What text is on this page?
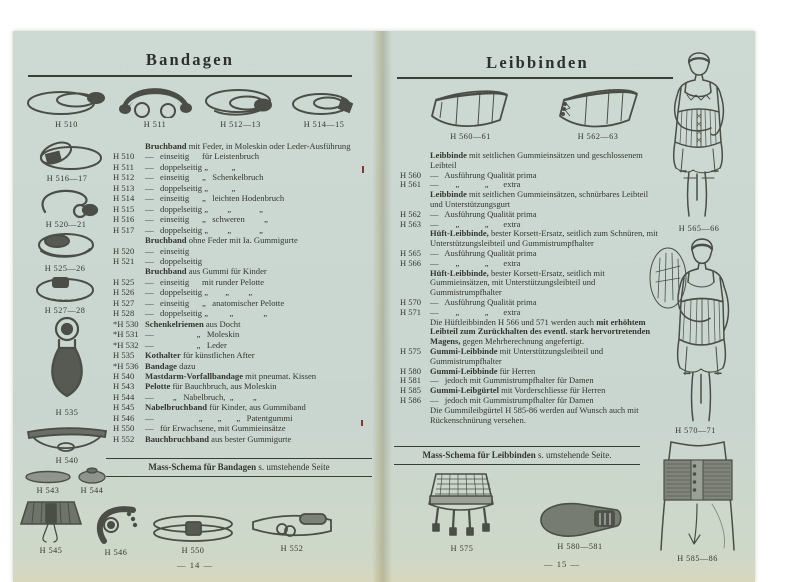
Bandagen
H 510	H 511	H 512—13	H 514—15
H 516—17
H 520—21
H 525—26
H 527—28
H 535
H 540
H 543	H 544
H 545	H 546	H 550	H 552
Bruchband mit Feder, in Moleskin oder Leder-Ausführung
H 510	—   einseitig      für Leistenbruch
H 511	—   doppelseitig „           „
H 512	—   einseitig      „   Schenkelbruch
H 513	—   doppelseitig „           „
H 514	—   einseitig      „   leichten Hodenbruch
H 515	—   doppelseitig „         „             „
H 516	—   einseitig      „   schweren         „
H 517	—   doppelseitig „         „             „
Bruchband ohne Feder mit Ia. Gummigurte
H 520	—   einseitig
H 521	—   doppelseitig
Bruchband aus Gummi für Kinder
H 525	—   einseitig      mit runder Pelotte
H 526	—   doppelseitig „        „         „
H 527	—   einseitig      „   anatomischer Pelotte
H 528	—   doppelseitig „          „              „
*H 530 Schenkelriemen aus Docht
*H 531 —                    „   Moleskin
*H 532 —                    „   Leder
H 535	Kothalter für künstlichen After
*H 536 Bandage dazu
H 540	Mastdarm-Vorfallbandage mit pneumat. Kissen
H 543	Pelotte für Bauchbruch, aus Moleskin
H 544	—         „   Nabelbruch,  „         „
H 545	Nabelbruchband für Kinder, aus Gummiband
H 546	—                     „       „       „   Patentgummi
H 550	—   für Erwachsene, mit Gummieinsätze
H 552	Bauchbruchband aus bester Gummigurte
Mass-Schema für Bandagen s. umstehende Seite
— 14 —
Leibbinden
H 560—61	H 562—63
Leibbinde mit seitlichen Gummieinsätzen und geschlossenem Leibteil
H 560	—   Ausführung Qualität prima
H 561	—        „            „       extra
Leibbinde mit seitlichen Gummieinsätzen, schnürbares Leibteil und Unterstützungsgurt
H 562	—   Ausführung Qualität prima
H 563	—        „            „       extra
Hüft-Leibbinde, bester Korsett-Ersatz, seitlich zum Schnüren, mit Unterstützungsleibteil und Gummistrumpfhalter
H 565	—   Ausführung Qualität prima
H 566	—        „            „       extra
Hüft-Leibbinde, bester Korsett-Ersatz, seitlich mit Gummieinsätzen, mit Unterstützungsleibteil und Gummistrumpfhalter
H 570	—   Ausführung Qualität prima
H 571	—        „            „       extra
Die Hüftleibbinden H 566 und 571 werden auch mit erhöhtem Leibteil zum Zurückhalten des eventl. stark hervortretenden Magens, gegen Mehrberechnung angefertigt.
H 575	Gummi-Leibbinde mit Unterstützungsleibteil und Gummistrumpfhalter
H 580	Gummi-Leibbinde für Herren
H 581	—   jedoch mit Gummistrumpfhalter für Damen
H 585	Gummi-Leibgürtel mit Vorderschliesse für Herren
H 586	—   jedoch mit Gummistrumpfhalter für Damen
Die Gummileibgürtel H 585-86 werden auf Wunsch auch mit Rückenschnürung versehen.
Mass-Schema für Leibbinden s. umstehende Seite.
H 575	H 580—581
H 565—66
H 570—71
H 585—86
— 15 —
